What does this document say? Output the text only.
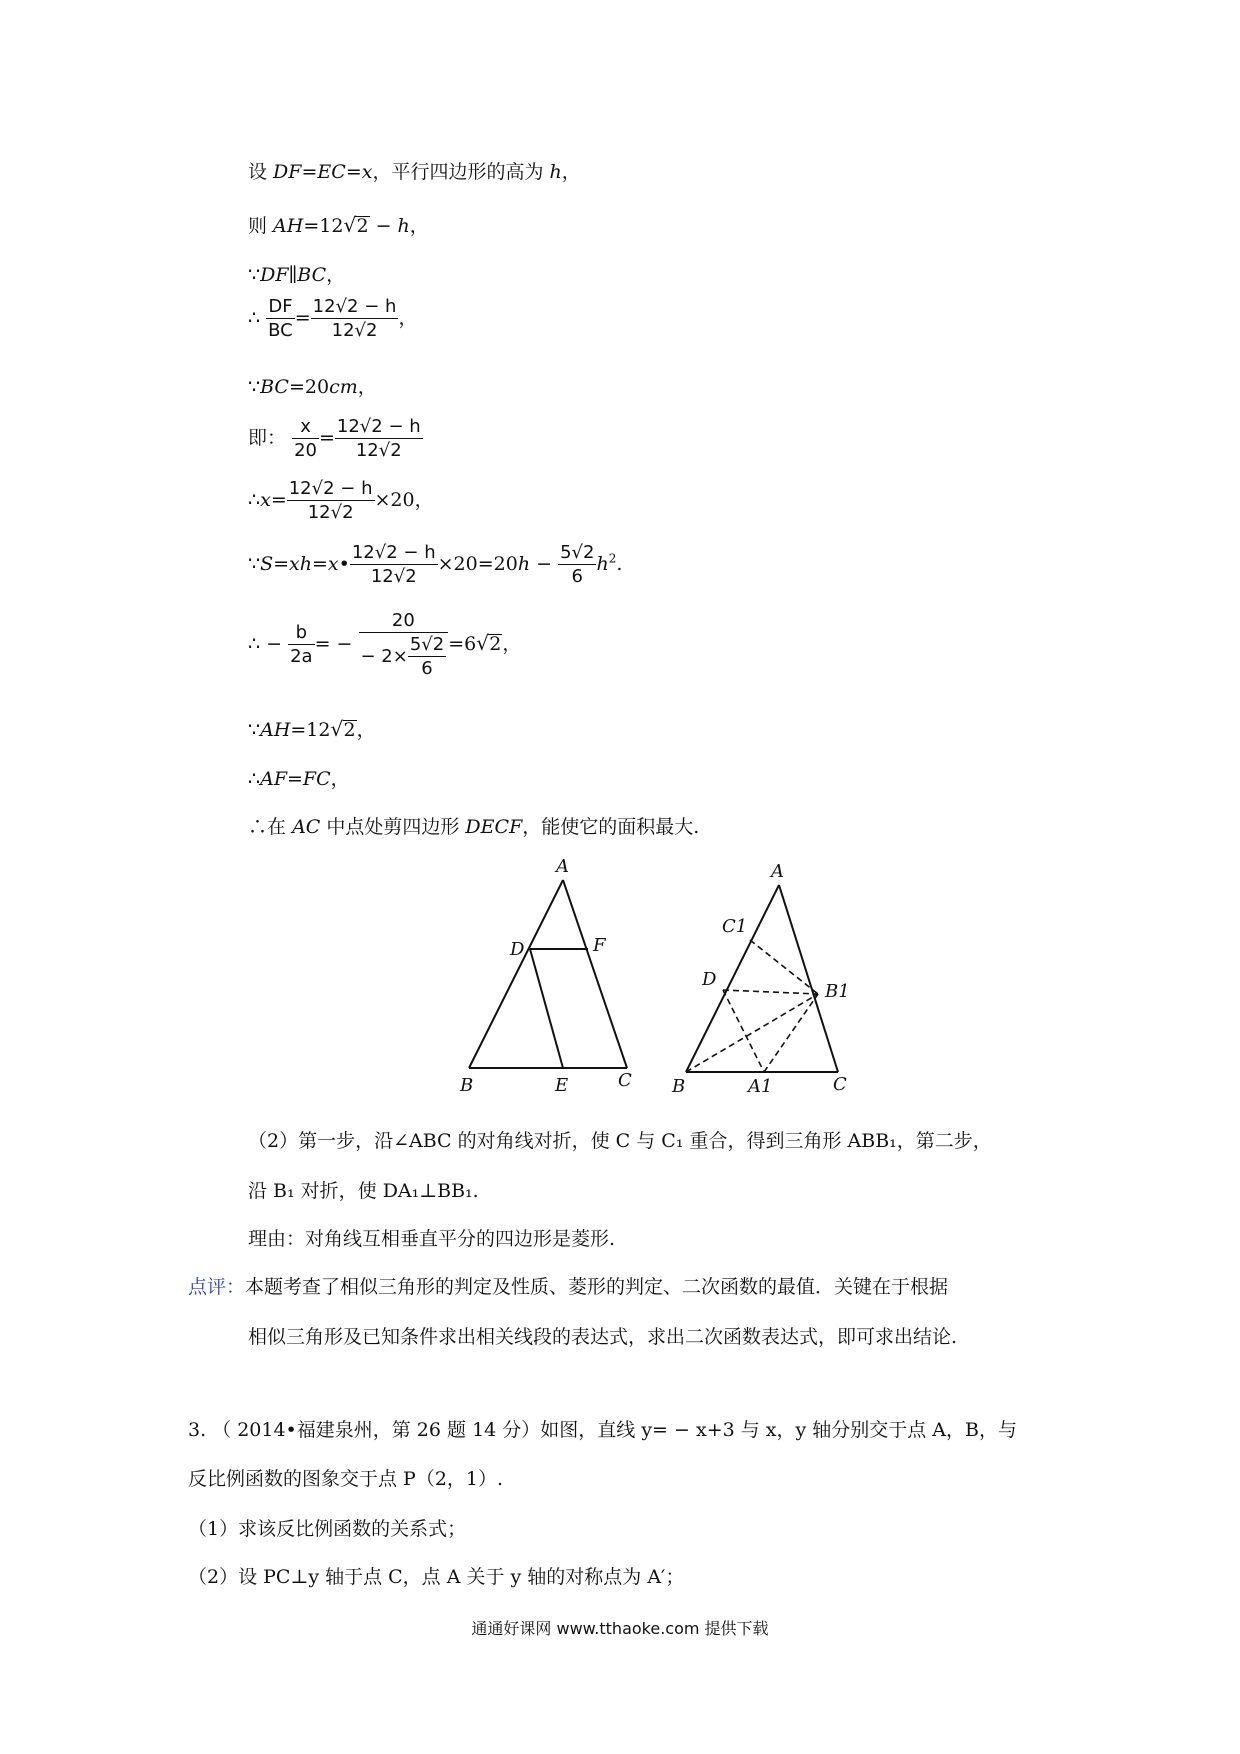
设 DF=EC=x，平行四边形的高为 h，
则 AH=12√ 2 − h，
∵DF∥BC，
∴ $\frac{DF}{BC} = \frac{12√2 - h}{12√2}$ ，
∵BC=20cm，
即： $\frac{x}{20} = \frac{12√2 - h}{12√2}$
∴x= $\frac{12√2 - h}{12√2} \times 20$，
∵S=xh=x• $\frac{12√2 - h}{12√2} \times 20=20h - \frac{5√2}{6} h^2$.
∴ − $\frac{b}{2a}$ = − $\frac{20}{- 2\times \frac{5√2}{6}} =6√$ 2，
∵AH=12√ 2，
∴AF=FC，
∴在 AC 中点处剪四边形 DECF，能使它的面积最大.
A
D	F
B	E	C
A
C1
D
B1
B	A1	C
（2）第一步，沿∠ABC 的对角线对折，使 C 与 C₁ 重合，得到三角形 ABB₁，第二步，
沿 B₁ 对折，使 DA₁⊥BB₁.
理由：对角线互相垂直平分的四边形是菱形.
点评：本题考查了相似三角形的判定及性质、菱形的判定、二次函数的最值．关键在于根据
相似三角形及已知条件求出相关线段的表达式，求出二次函数表达式，即可求出结论.
3. （ 2014•福建泉州，第 26 题 14 分）如图，直线 y= − x+3 与 x，y 轴分别交于点 A，B，与
反比例函数的图象交于点 P（2，1）.
（1）求该反比例函数的关系式；
（2）设 PC⊥y 轴于点 C，点 A 关于 y 轴的对称点为 A′；
通通好课网 www.tthaoke.com 提供下载
